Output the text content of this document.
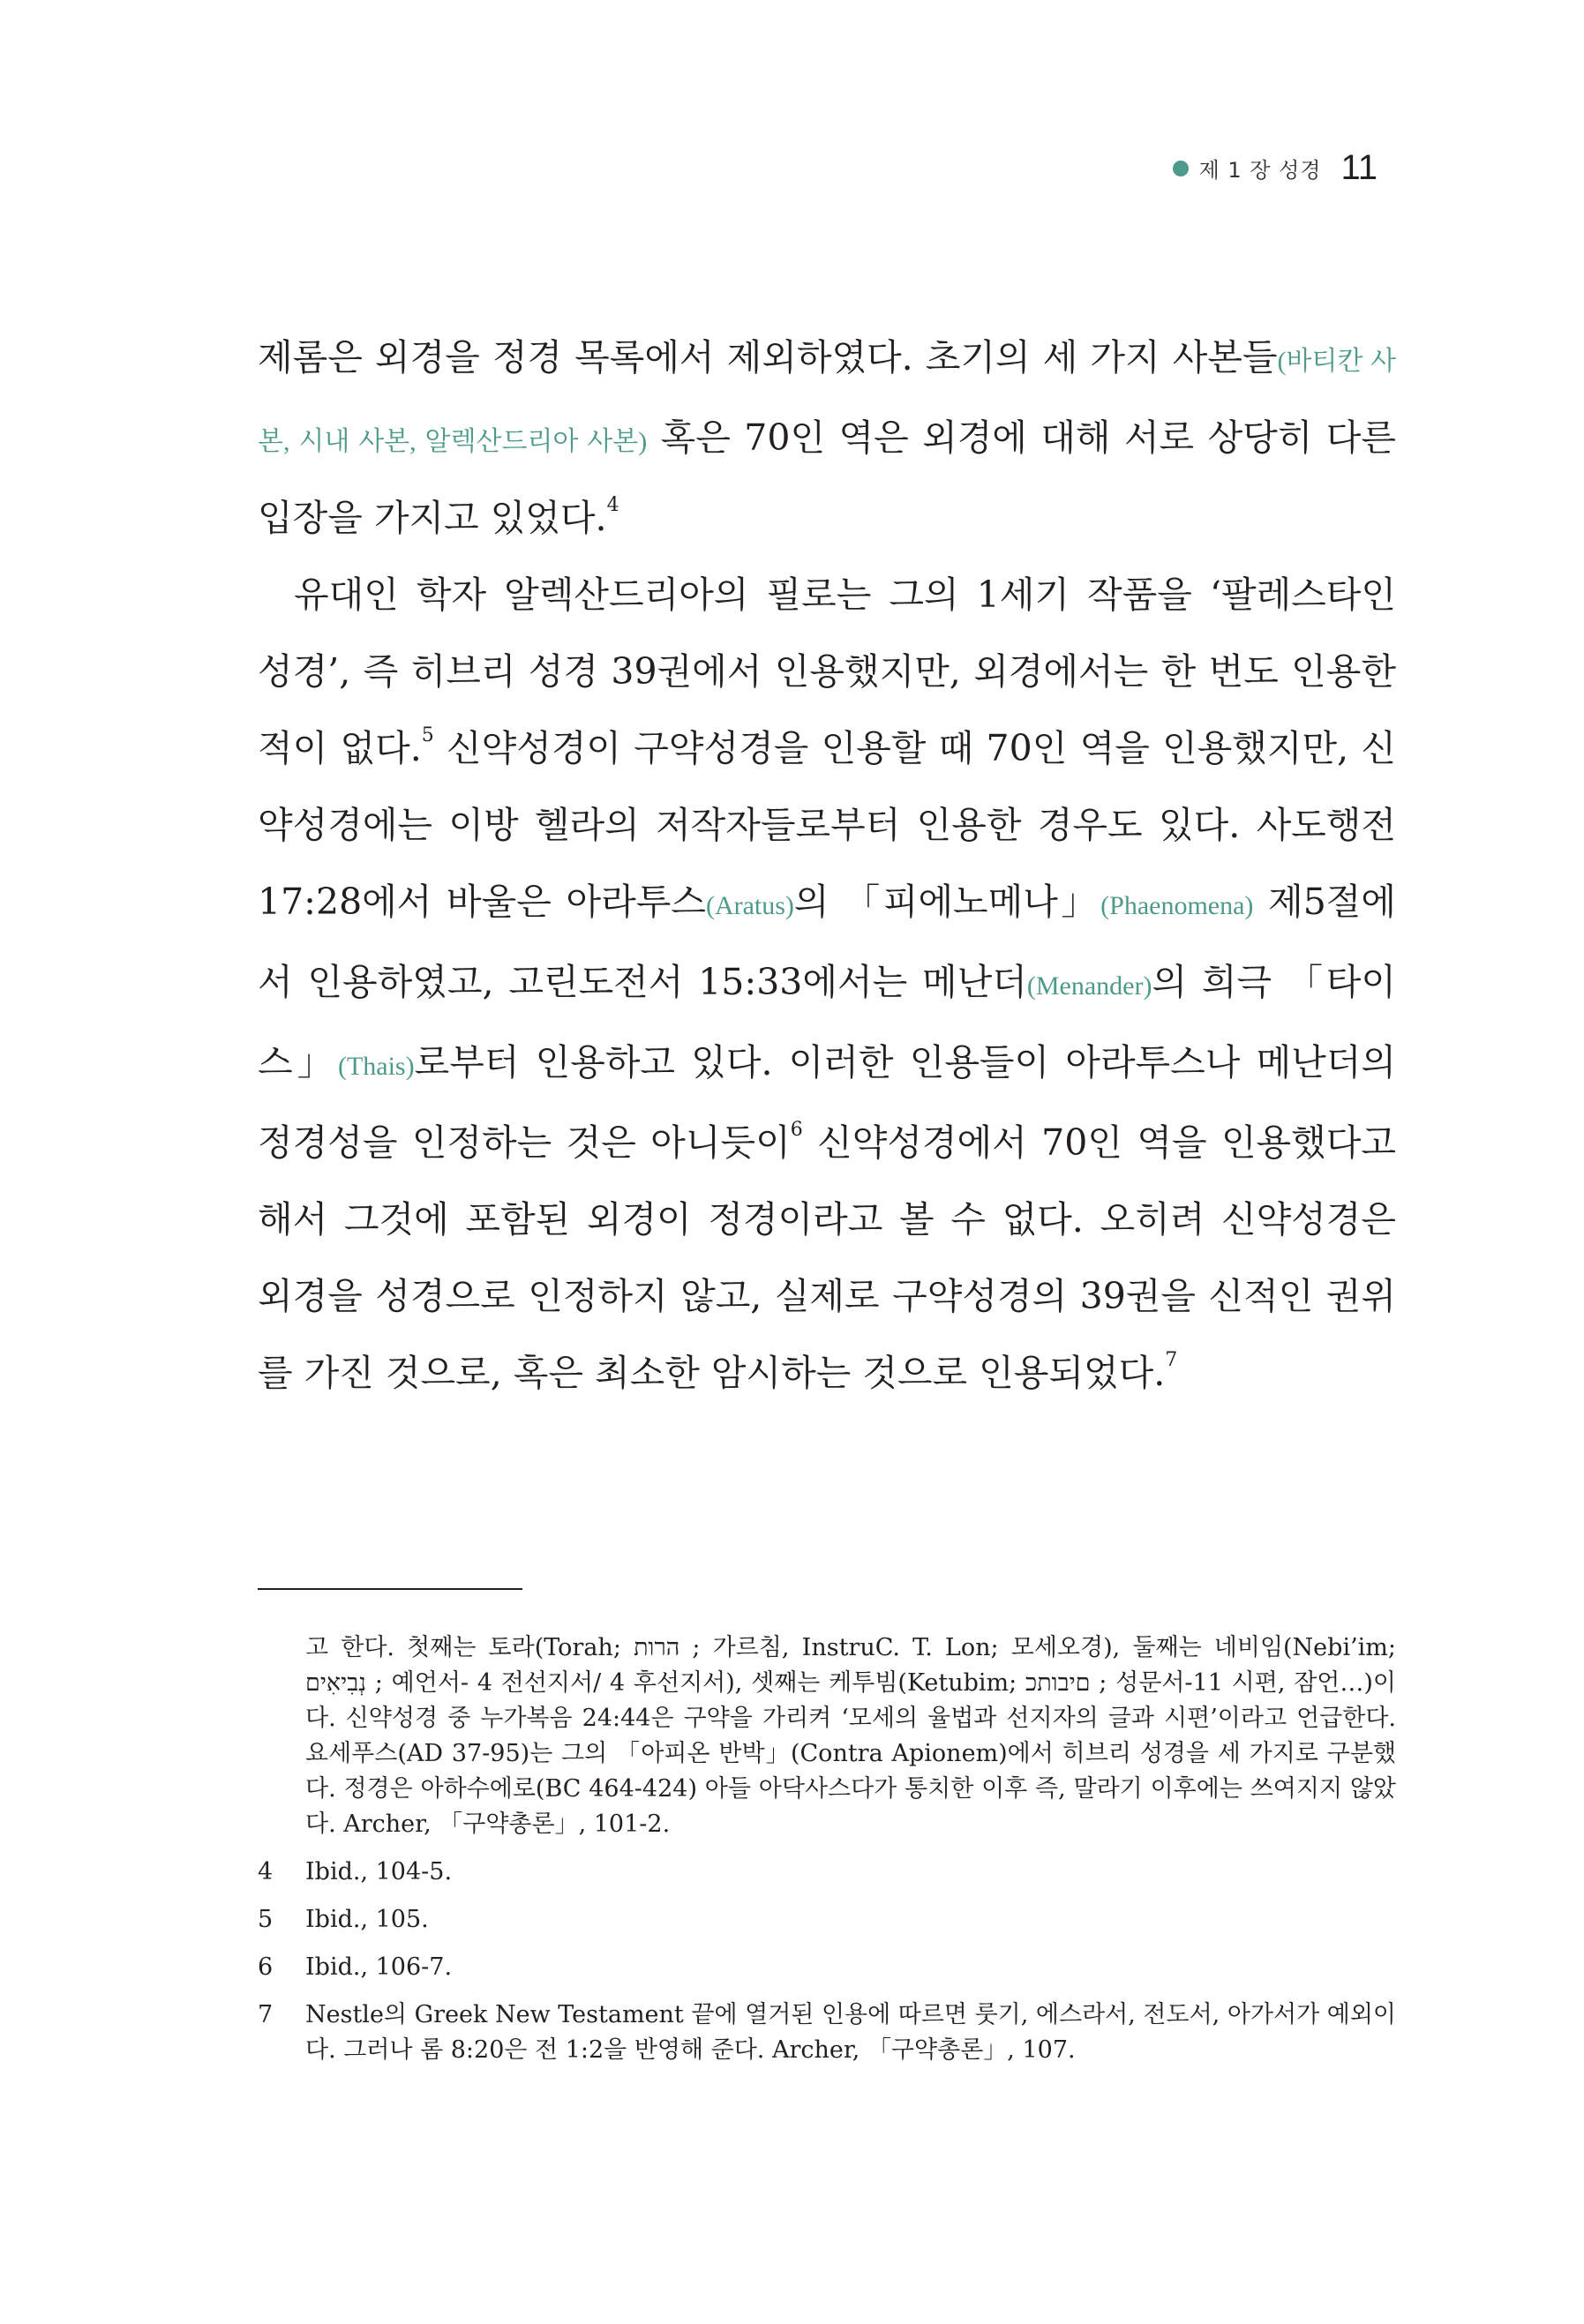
제 1 장 성경 11

제롬은 외경을 정경 목록에서 제외하였다. 초기의 세 가지 사본들(바티칸 사본, 시내 사본, 알렉산드리아 사본) 혹은 70인 역은 외경에 대해 서로 상당히 다른 입장을 가지고 있었다.$^4$

유대인 학자 알렉산드리아의 필로는 그의 1세기 작품을 ‘팔레스타인 성경’, 즉 히브리 성경 39권에서 인용했지만, 외경에서는 한 번도 인용한 적이 없다.$^5$ 신약성경이 구약성경을 인용할 때 70인 역을 인용했지만, 신약성경에는 이방 헬라의 저작자들로부터 인용한 경우도 있다. 사도행전 17:28에서 바울은 아라투스(Aratus)의 「피에노메나」(Phaenomena) 제5절에서 인용하였고, 고린도전서 15:33에서는 메난더(Menander)의 희극 「타이스」(Thais)로부터 인용하고 있다. 이러한 인용들이 아라투스나 메난더의 정경성을 인정하는 것은 아니듯이$^6$ 신약성경에서 70인 역을 인용했다고 해서 그것에 포함된 외경이 정경이라고 볼 수 없다. 오히려 신약성경은 외경을 성경으로 인정하지 않고, 실제로 구약성경의 39권을 신적인 권위를 가진 것으로, 혹은 최소한 암시하는 것으로 인용되었다.$^7$

고 한다. 첫째는 토라(Torah; הרות ; 가르침, InstruC. T. Lon; 모세오경), 둘째는 네비임(Nebi’im; נְבִיאִים ; 예언서- 4 전선지서/ 4 후선지서), 셋째는 케투빔(Ketubim; םיבותכ ; 성문서-11 시편, 잠언…)이다. 신약성경 중 누가복음 24:44은 구약을 가리켜 ‘모세의 율법과 선지자의 글과 시편’이라고 언급한다. 요세푸스(AD 37-95)는 그의 「아피온 반박」(Contra Apionem)에서 히브리 성경을 세 가지로 구분했다. 정경은 아하수에로(BC 464-424) 아들 아닥사스다가 통치한 이후 즉, 말라기 이후에는 쓰여지지 않았다. Archer, 「구약총론」, 101-2.

4	Ibid., 104-5.
5	Ibid., 105.
6	Ibid., 106-7.
7	Nestle의 Greek New Testament 끝에 열거된 인용에 따르면 룻기, 에스라서, 전도서, 아가서가 예외이다. 그러나 롬 8:20은 전 1:2을 반영해 준다. Archer, 「구약총론」, 107.
